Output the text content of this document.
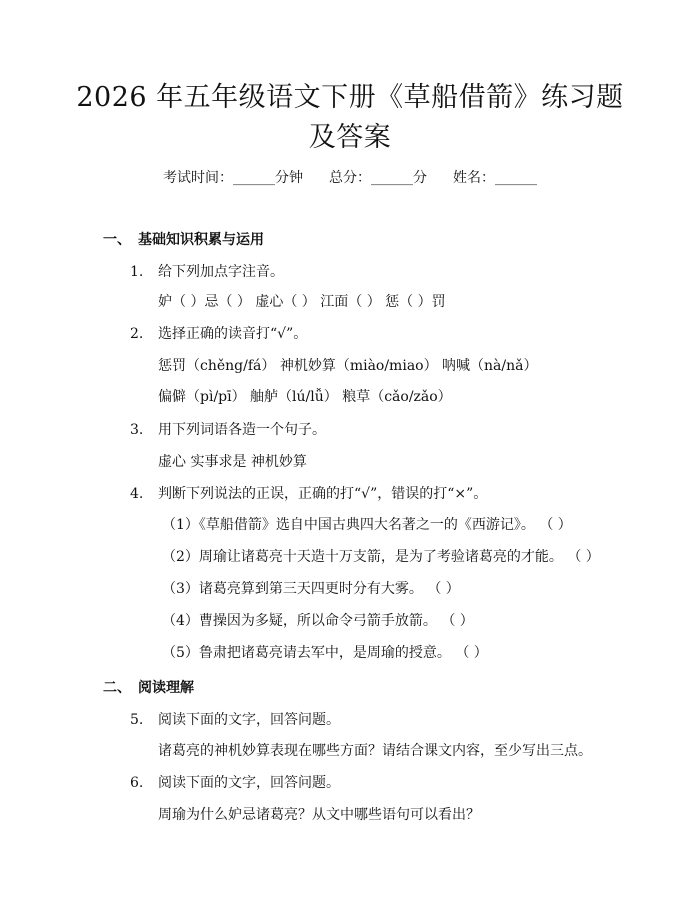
2026 年五年级语文下册《草船借箭》练习题
及答案
考试时间：______分钟 总分：______分 姓名：______
一、 基础知识积累与运用
1. 给下列加点字注音。
妒（ ）忌（ ） 虚心（ ） 江面（ ） 惩（ ）罚
2. 选择正确的读音打“√”。
惩罚（chěng/fá） 神机妙算（miào/miao） 呐喊（nà/nǎ）
偏僻（pì/pī） 舳舻（lú/lǚ） 粮草（cǎo/zǎo）
3. 用下列词语各造一个句子。
虚心 实事求是 神机妙算
4. 判断下列说法的正误，正确的打“√”，错误的打“×”。
（1）《草船借箭》选自中国古典四大名著之一的《西游记》。 （ ）
（2）周瑜让诸葛亮十天造十万支箭，是为了考验诸葛亮的才能。 （ ）
（3）诸葛亮算到第三天四更时分有大雾。 （ ）
（4）曹操因为多疑，所以命令弓箭手放箭。 （ ）
（5）鲁肃把诸葛亮请去军中，是周瑜的授意。 （ ）
二、 阅读理解
5. 阅读下面的文字，回答问题。
诸葛亮的神机妙算表现在哪些方面？请结合课文内容，至少写出三点。
6. 阅读下面的文字，回答问题。
周瑜为什么妒忌诸葛亮？从文中哪些语句可以看出？
